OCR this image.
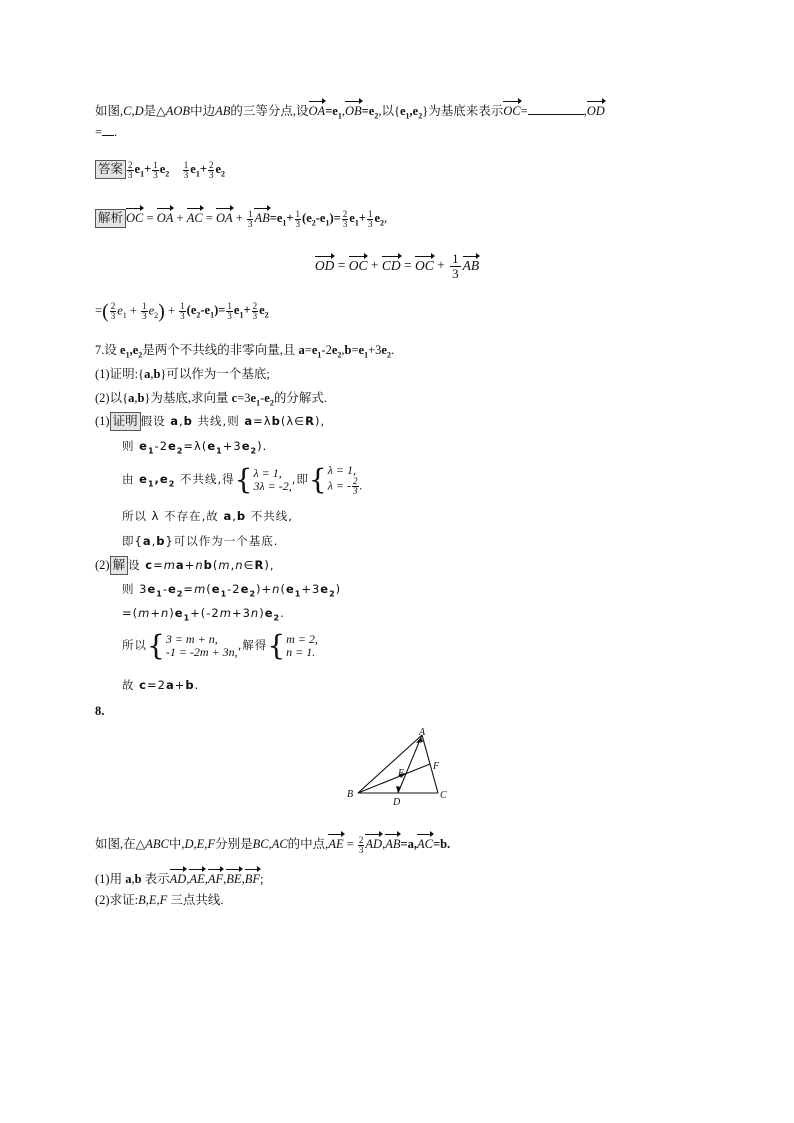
如图,C,D是△AOB中边AB的三等分点,设$OA=e_1,OB=e_2$,以$\{e_1,e_2\}$为基底来表示OC=	,OD
= .
答案 $\frac{2}{3} e_1+ \frac{1}{3} e_2 \frac{1}{3} e_1+ \frac{2}{3} e_2$
解析 OC = OA + AC = OA + $\frac{1}{3} AB=e_1+ \frac{1}{3} (e_2-e_1)= \frac{2}{3} e_1+ \frac{1}{3} e_2$,
OD = OC + CD = OC + $\frac{1}{3}$ AB
=( $\frac{2}{3} e_1 + \frac{1}{3} e_2) + \frac{1}{3} (e_2-e_1)= \frac{1}{3} e_1+ \frac{2}{3} e_2$
7.设 $e_1,e_2$是两个不共线的非零向量,且 $a=e_1-2e_2,b=e_1+3e_2$.
(1)证明:{a,b}可以作为一个基底;
(2)以{a,b}为基底,求向量 $c=3e_1-e_2$的分解式.
(1) 证明 假设 a,b 共线,则 a=λb(λ∈R),
则 $e_1-2e_2=\lambda(e_1+3e_2)$.
由 $e_1,e_2$ 不共线,得 { λ = 1,
3λ = -2,
,即 { λ = 1,
λ = - $\frac{2}{3}$ .
所以 λ 不存在,故 a,b 不共线,
即{a,b}可以作为一个基底.
(2) 解 设 c=ma+nb(m,n∈R),
则 $3e_1-e_2=m(e_1-2e_2)+n(e_1+3e_2)$
$=(m+n)e_1+(-2m+3n)e_2$.
所以 { 3 = m + n,
-1 = -2m + 3n,
,解得 { m = 2,
n = 1.
故 c=2a+b.
8.
A
B	C
D
E
F
如图,在△ABC中,D,E,F分别是BC,AC的中点$,AE = \frac{2}{3} AD,AB=a,AC=b$.
(1)用 a,b 表示AD,AE,AF,BE,BF;
(2)求证:B,E,F 三点共线.
